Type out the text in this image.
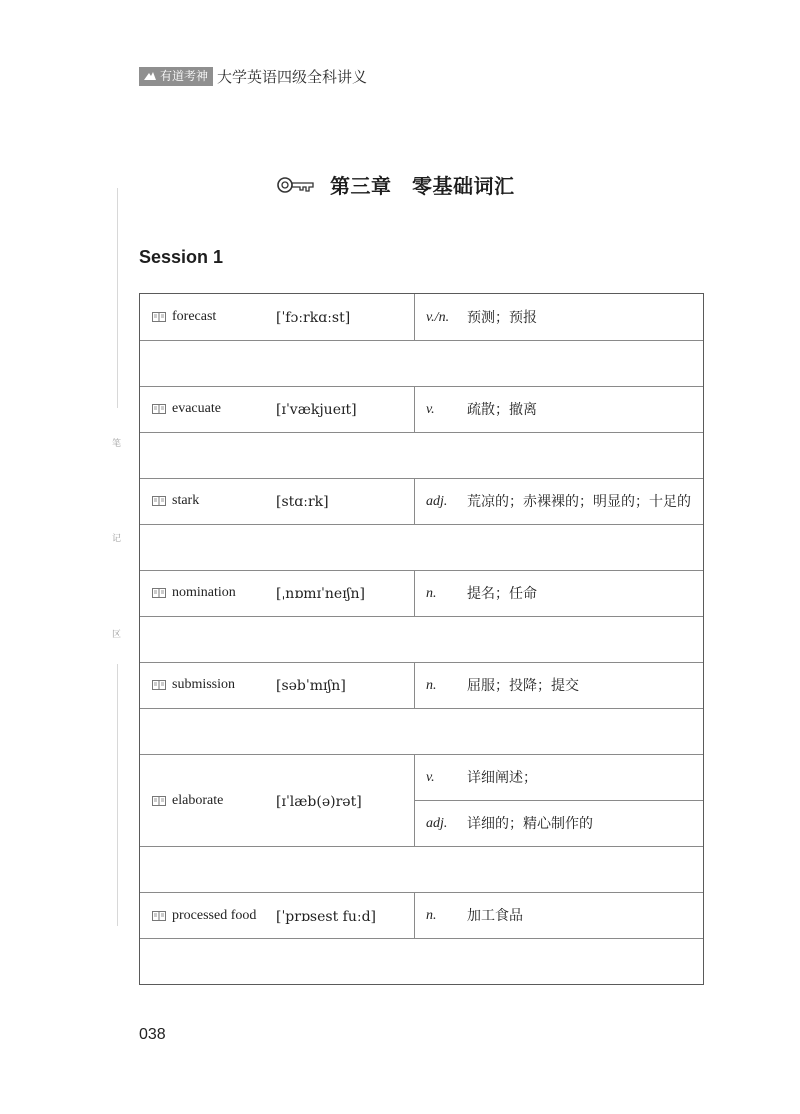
有道考神 大学英语四级全科讲义
笔
记
区
第三章　零基础词汇
Session 1
forecast	[ˈfɔːrkɑːst]	v./n. 预测；预报
evacuate	[ɪˈvækjueɪt]	v. 疏散；撤离
stark	[stɑːrk]	adj. 荒凉的；赤裸裸的；明显的；十足的
nomination	[ˌnɒmɪˈneɪʃn]	n. 提名；任命
submission	[səbˈmɪʃn]	n. 屈服；投降；提交
elaborate	[ɪˈlæb(ə)rət]
v. 详细阐述；
adj. 详细的；精心制作的
processed food [ˈprɒsest fuːd]	n. 加工食品
038
